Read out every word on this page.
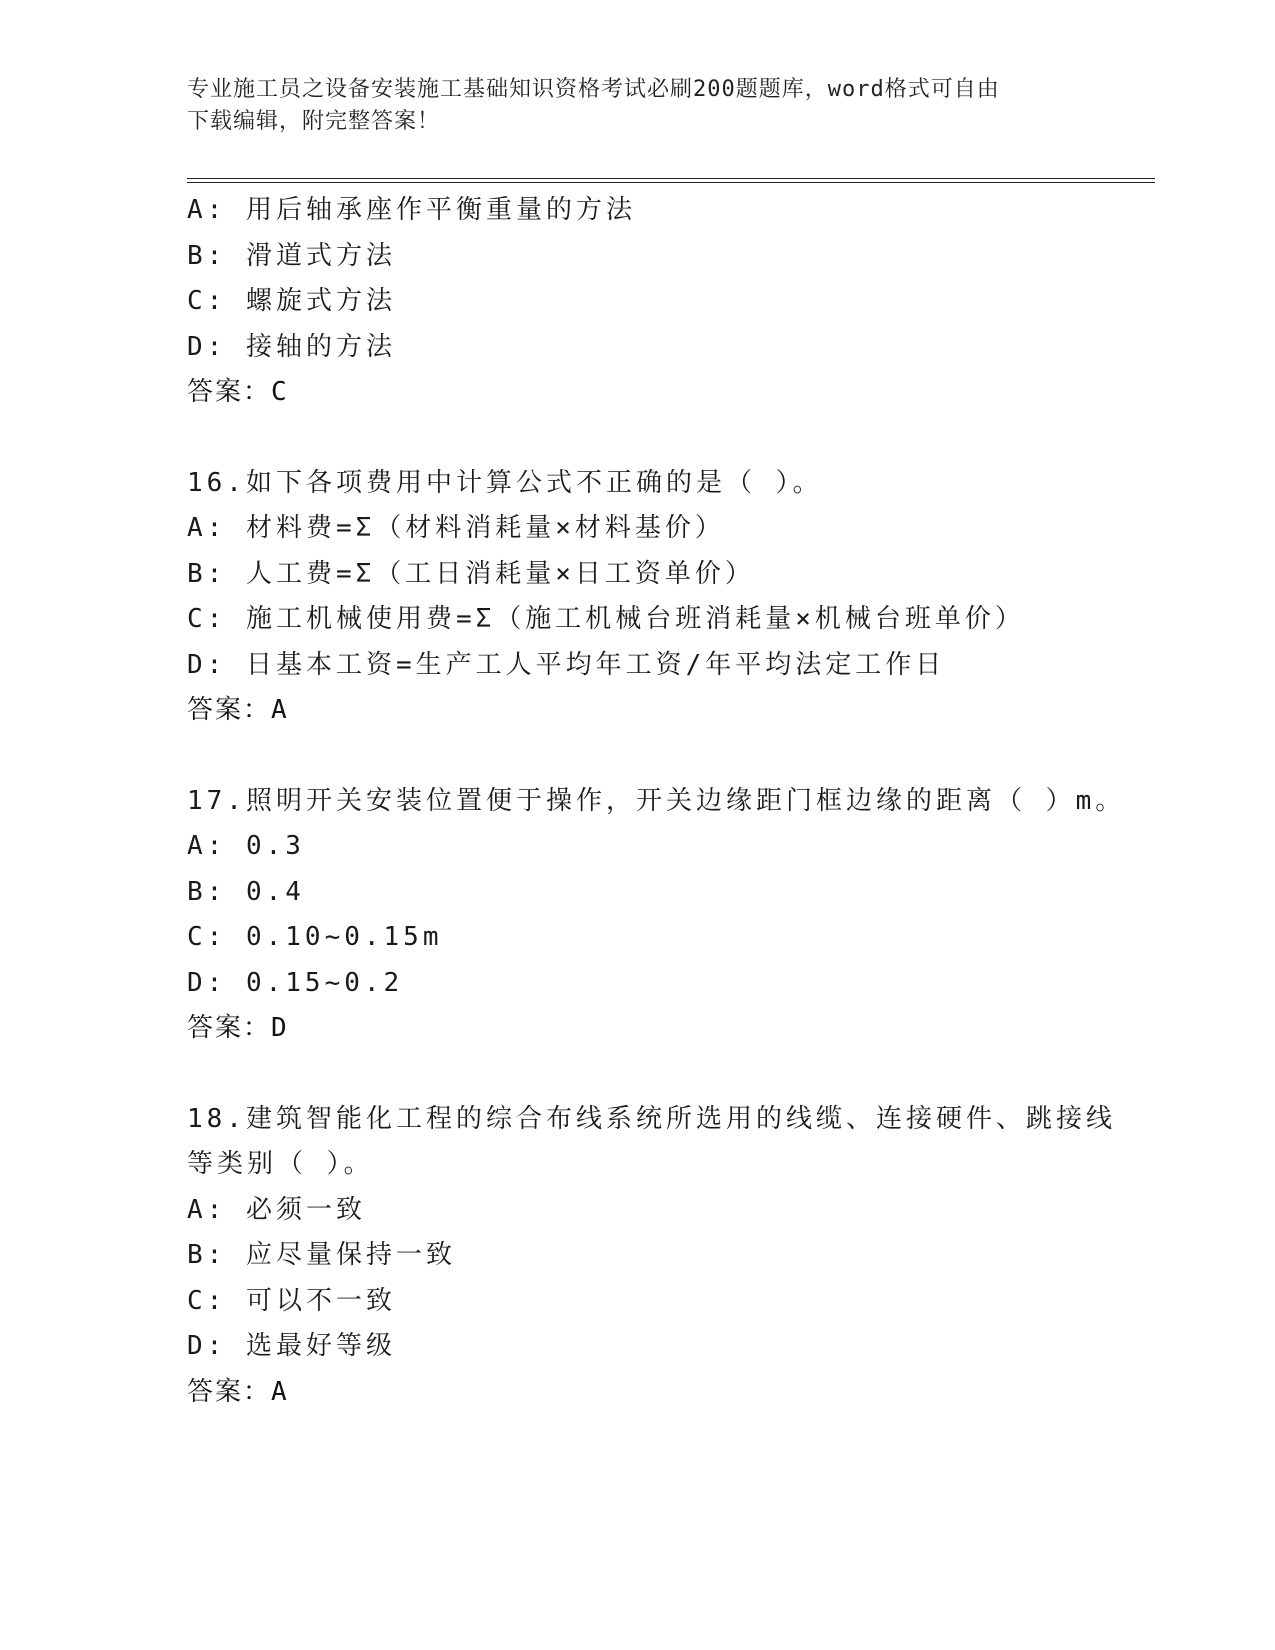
专业施工员之设备安装施工基础知识资格考试必刷200题题库，word格式可自由
下载编辑，附完整答案！
A: 用后轴承座作平衡重量的方法
B: 滑道式方法
C: 螺旋式方法
D: 接轴的方法
答案：C
16.如下各项费用中计算公式不正确的是（ ）。
A: 材料费=Σ（材料消耗量×材料基价）
B: 人工费=Σ（工日消耗量×日工资单价）
C: 施工机械使用费=Σ（施工机械台班消耗量×机械台班单价）
D: 日基本工资=生产工人平均年工资/年平均法定工作日
答案：A
17.照明开关安装位置便于操作，开关边缘距门框边缘的距离（ ）m。
A: 0.3
B: 0.4
C: 0.10~0.15m
D: 0.15~0.2
答案：D
18.建筑智能化工程的综合布线系统所选用的线缆、连接硬件、跳接线
等类别（ ）。
A: 必须一致
B: 应尽量保持一致
C: 可以不一致
D: 选最好等级
答案：A
